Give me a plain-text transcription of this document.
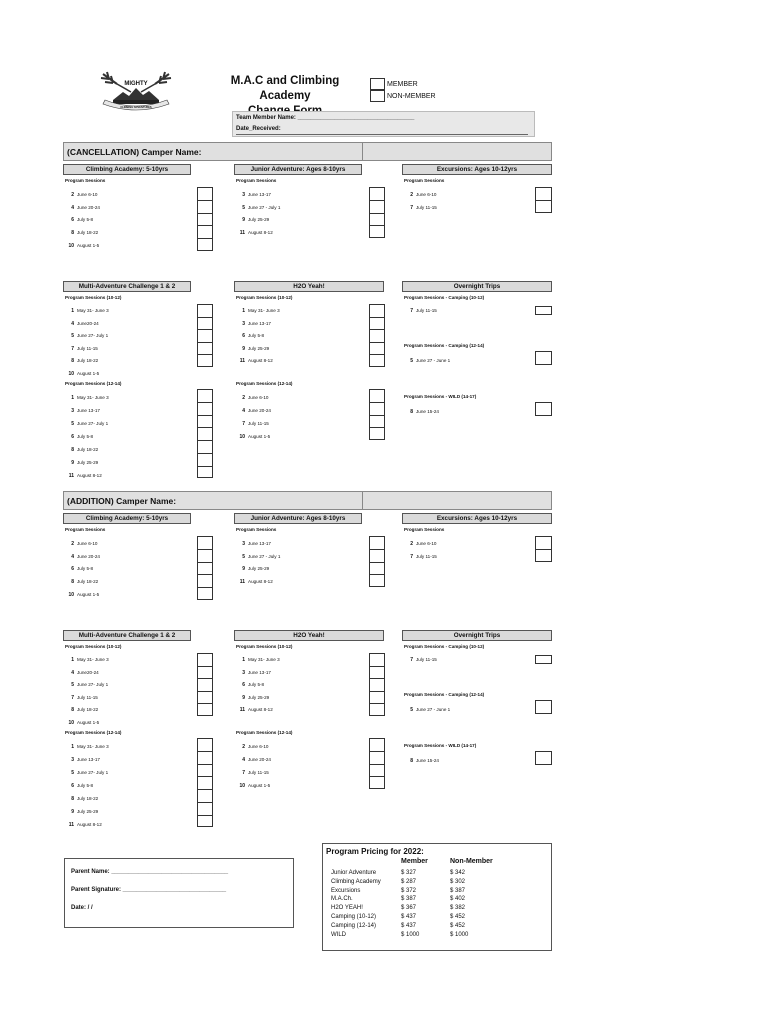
MIGHTY
CLIMBING ADVENTURES
M.A.C and Climbing Academy
MEMBER
NON-MEMBER
Team Member Name: ___________________________________
Date_Received:
(CANCELLATION) Camper Name:
Climbing Academy: 5-10yrs
Program Sessions
Junior Adventure: Ages 8-10yrs
Program Sessions
Excursions: Ages 10-12yrs
Program Sessions
2 June 6-10
4 June 20-24
6 July 5-8
8 July 18-22
10 August 1-5
3 June 13-17
5 June 27 - July 1
9 July 25-29
11 August 8-12
2 June 6-10
7 July 11-15
Multi-Adventure Challenge 1 & 2	H2O Yeah!	Overnight Trips
Program Sessions (10-12)	Program Sessions (10-12)	Program Sessions - Camping (10-12)
1 May 31- June 3
4 June20-24
5 June 27- July 1
7 July 11-15
8 July 18-22
10 August 1-5
1 May 31- June 3
3 June 13-17
6 July 5-8
9 July 25-29
11 August 8-12
7 July 11-15
Program Sessions - Camping (12-14)
5 June 27 - June 1
Program Sessions - WILD (14-17)
8 June 15-24
Program Sessions (12-14)	Program Sessions (12-14)
1 May 31- June 3
3 June 13-17
5 June 27- July 1
6 July 5-8
8 July 18-22
9 July 25-29
11 August 8-12
2 June 6-10
4 June 20-24
7 July 11-15
10 August 1-5
(ADDITION) Camper Name:
Climbing Academy: 5-10yrs
Program Sessions
Junior Adventure: Ages 8-10yrs
Program Sessions
Excursions: Ages 10-12yrs
Program Sessions
2 June 6-10
4 June 20-24
6 July 5-8
8 July 18-22
10 August 1-5
3 June 13-17
5 June 27 - July 1
9 July 25-29
11 August 8-12
2 June 6-10
7 July 11-15
Multi-Adventure Challenge 1 & 2	H2O Yeah!	Overnight Trips
Program Sessions (10-12)	Program Sessions (10-12)	Program Sessions - Camping (10-12)
1 May 31- June 3
4 June20-24
5 June 27- July 1
7 July 11-15
8 July 18-22
10 August 1-5
1 May 31- June 3
3 June 13-17
6 July 5-8
9 July 25-29
11 August 8-12
7 July 11-15
Program Sessions - Camping (12-14)
5 June 27 - June 1
Program Sessions - WILD (14-17)
8 June 15-24
Program Sessions (12-14)	Program Sessions (12-14)
1 May 31- June 3
3 June 13-17
5 June 27- July 1
6 July 5-8
8 July 18-22
9 July 25-29
11 August 8-12
2 June 6-10
4 June 20-24
7 July 11-15
10 August 1-5
Parent Name: ___________________________________
Parent Signature: _______________________________
Date: / /
Program Pricing for 2022:
Member	Non-Member
Junior Adventure	$ 327	$ 342
Climbing Academy	$ 287	$ 302
Excursions	$ 372	$ 387
M.A.Ch.	$ 387	$ 402
H2O YEAH!	$ 367	$ 382
Camping (10-12)	$ 437	$ 452
Camping (12-14)	$ 437	$ 452
WILD	$ 1000	$ 1000
